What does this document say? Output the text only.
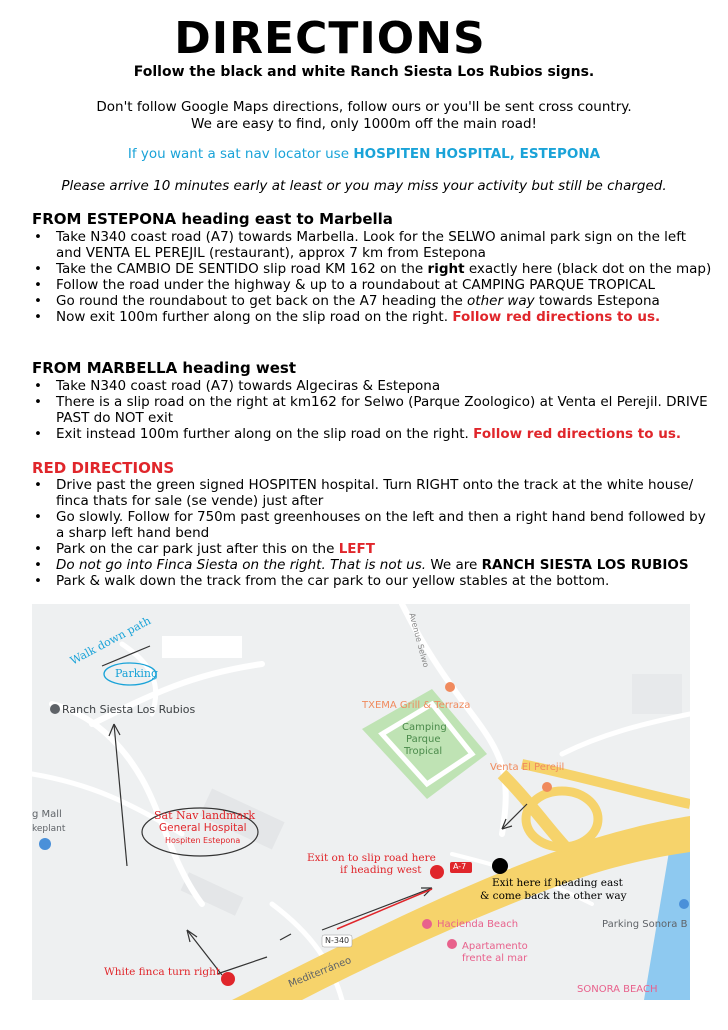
DIRECTIONS
Follow the black and white Ranch Siesta Los Rubios signs.
Don't follow Google Maps directions, follow ours or you'll be sent cross country.
We are easy to find, only 1000m off the main road!
If you want a sat nav locator use HOSPITEN HOSPITAL, ESTEPONA
Please arrive 10 minutes early at least or you may miss your activity but still be charged.
FROM ESTEPONA heading east to Marbella
• Take N340 coast road (A7) towards Marbella. Look for the SELWO animal park sign on the left and VENTA EL PEREJIL (restaurant), approx 7 km from Estepona
• Take the CAMBIO DE SENTIDO slip road KM 162 on the right exactly here (black dot on the map)
• Follow the road under the highway & up to a roundabout at CAMPING PARQUE TROPICAL
• Go round the roundabout to get back on the A7 heading the other way towards Estepona
• Now exit 100m further along on the slip road on the right. Follow red directions to us.
FROM MARBELLA heading west
• Take N340 coast road (A7) towards Algeciras & Estepona
• There is a slip road on the right at km162 for Selwo (Parque Zoologico) at Venta el Perejil. DRIVE PAST do NOT exit
• Exit instead 100m further along on the slip road on the right. Follow red directions to us.
RED DIRECTIONS
• Drive past the green signed HOSPITEN hospital. Turn RIGHT onto the track at the white house/ finca thats for sale (se vende) just after
• Go slowly. Follow for 750m past greenhouses on the left and then a right hand bend followed by a sharp left hand bend
• Park on the car park just after this on the LEFT
• Do not go into Finca Siesta on the right. That is not us. We are RANCH SIESTA LOS RUBIOS
• Park & walk down the track from the car park to our yellow stables at the bottom.
Walk down path
Parking
Ranch Siesta Los Rubios
g Mall
keplant
Sat Nav landmark
General Hospital
Hospiten Estepona
TXEMA Grill & Terraza
Camping
Parque
Tropical
Venta El Perejil
Exit on to slip road here
if heading west
Exit here if heading east
& come back the other way
A-7
N-340
Hacienda Beach
Apartamento
frente al mar
Parking Sonora B
SONORA BEACH
White finca turn right	Mediterráneo
Avenue Selwo
